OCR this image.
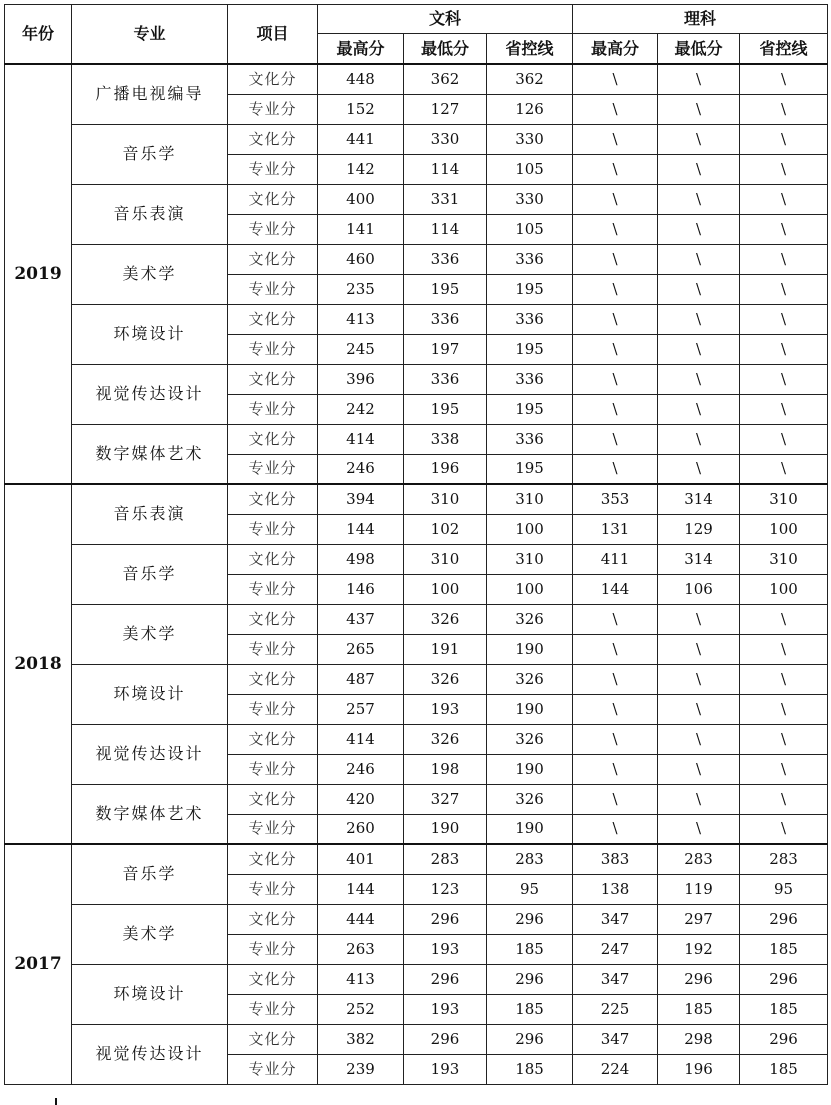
年份	专业	项目	文科			理科		
			最高分	最低分	省控线	最高分	最低分	省控线
2019	广播电视编导	文化分	448	362	362	\	\	\
		专业分	152	127	126	\	\	\
	音乐学	文化分	441	330	330	\	\	\
		专业分	142	114	105	\	\	\
	音乐表演	文化分	400	331	330	\	\	\
		专业分	141	114	105	\	\	\
	美术学	文化分	460	336	336	\	\	\
		专业分	235	195	195	\	\	\
	环境设计	文化分	413	336	336	\	\	\
		专业分	245	197	195	\	\	\
	视觉传达设计	文化分	396	336	336	\	\	\
		专业分	242	195	195	\	\	\
	数字媒体艺术	文化分	414	338	336	\	\	\
		专业分	246	196	195	\	\	\
2018	音乐表演	文化分	394	310	310	353	314	310
		专业分	144	102	100	131	129	100
	音乐学	文化分	498	310	310	411	314	310
		专业分	146	100	100	144	106	100
	美术学	文化分	437	326	326	\	\	\
		专业分	265	191	190	\	\	\
	环境设计	文化分	487	326	326	\	\	\
		专业分	257	193	190	\	\	\
	视觉传达设计	文化分	414	326	326	\	\	\
		专业分	246	198	190	\	\	\
	数字媒体艺术	文化分	420	327	326	\	\	\
		专业分	260	190	190	\	\	\
2017	音乐学	文化分	401	283	283	383	283	283
		专业分	144	123	95	138	119	95
	美术学	文化分	444	296	296	347	297	296
		专业分	263	193	185	247	192	185
	环境设计	文化分	413	296	296	347	296	296
		专业分	252	193	185	225	185	185
	视觉传达设计	文化分	382	296	296	347	298	296
		专业分	239	193	185	224	196	185
